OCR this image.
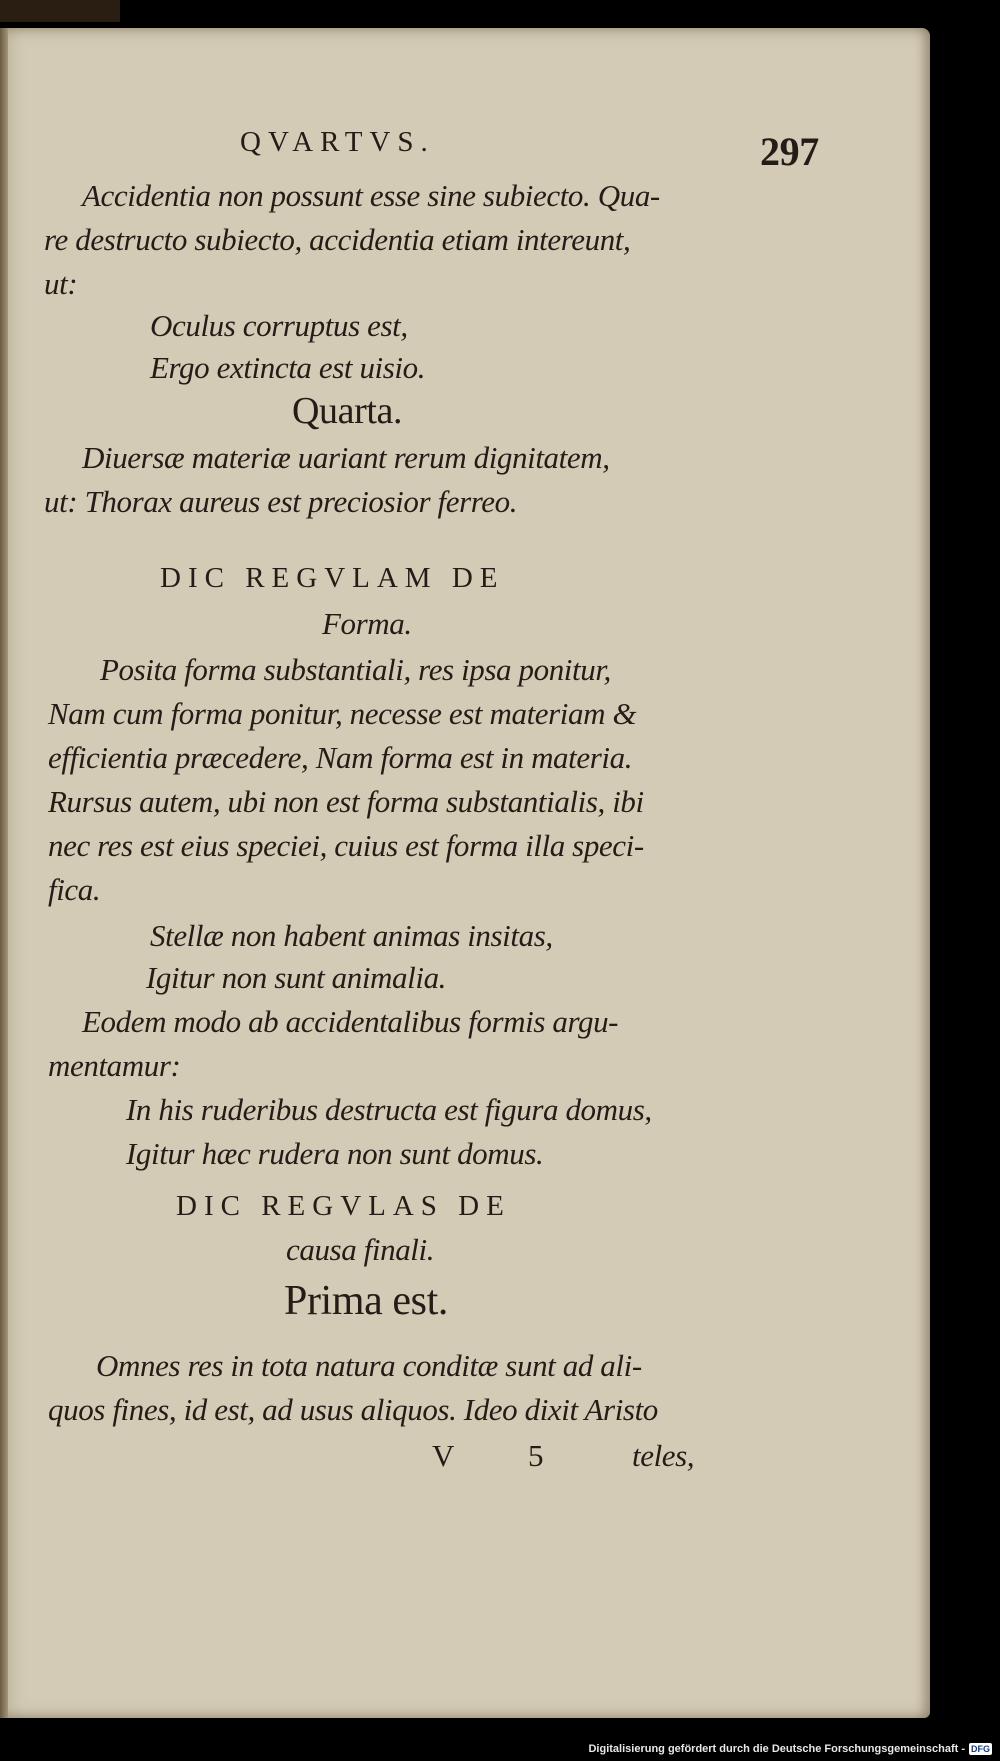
QVARTVS.	297
Accidentia non possunt esse sine subiecto. Qua-
re destructo subiecto, accidentia etiam intereunt,
ut:
Oculus corruptus est,
Ergo extincta est uisio.
Quarta.
Diuersæ materiæ uariant rerum dignitatem,
ut: Thorax aureus est preciosior ferreo.
DIC REGVLAM DE
Forma.
Posita forma substantiali, res ipsa ponitur,
Nam cum forma ponitur, necesse est materiam &
efficientia præcedere, Nam forma est in materia.
Rursus autem, ubi non est forma substantialis, ibi
nec res est eius speciei, cuius est forma illa speci-
fica.
Stellæ non habent animas insitas,
Igitur non sunt animalia.
Eodem modo ab accidentalibus formis argu-
mentamur:
In his ruderibus destructa est figura domus,
Igitur hæc rudera non sunt domus.
DIC REGVLAS DE
causa finali.
Prima est.
Omnes res in tota natura conditæ sunt ad ali-
quos fines, id est, ad usus aliquos. Ideo dixit Aristo
V 5	teles,
Digitalisierung gefördert durch die Deutsche Forschungsgemeinschaft - DFG
